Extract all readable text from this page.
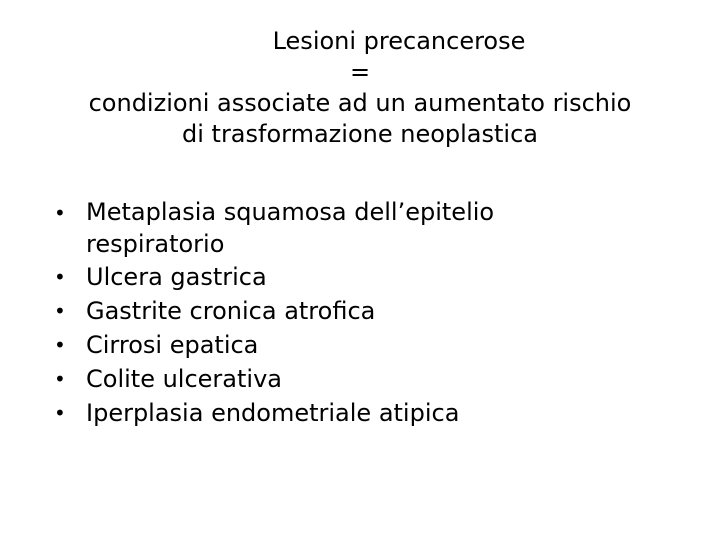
Lesioni precancerose
=
condizioni associate ad un aumentato rischio
di trasformazione neoplastica
• Metaplasia squamosa dell’epitelio respiratorio
• Ulcera gastrica
• Gastrite cronica atrofica
• Cirrosi epatica
• Colite ulcerativa
• Iperplasia endometriale atipica
